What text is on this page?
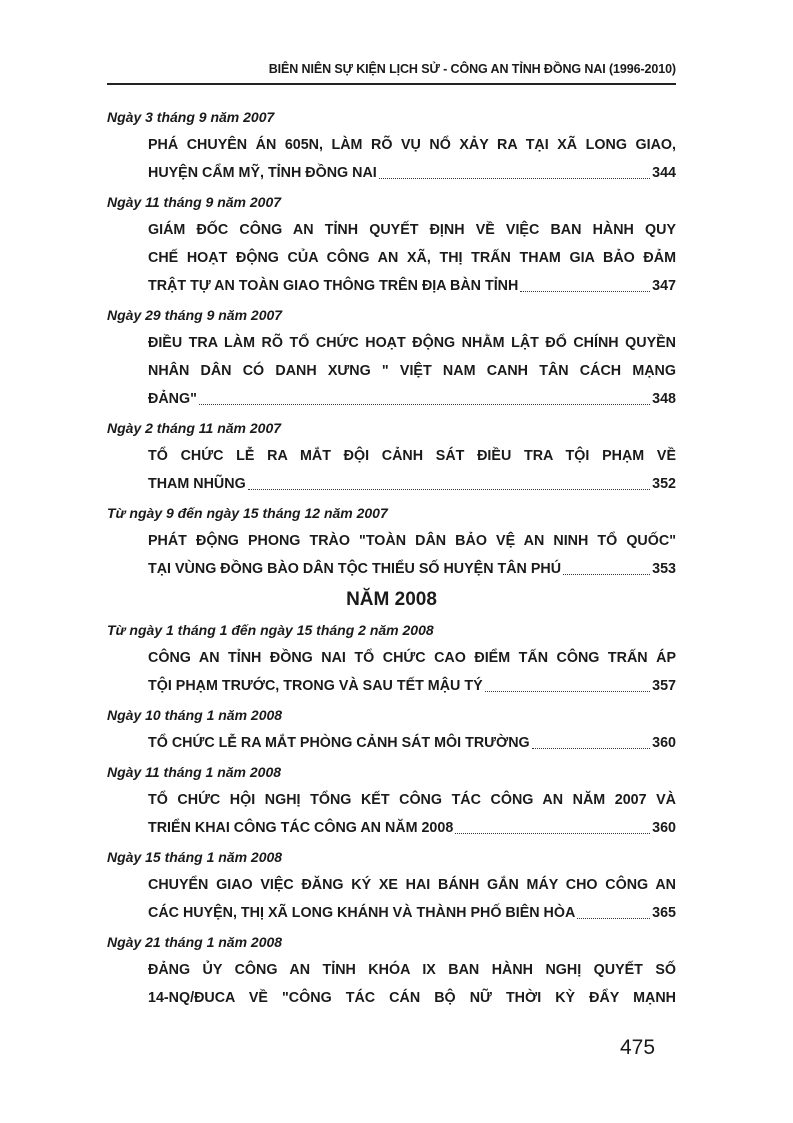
BIÊN NIÊN SỰ KIỆN LỊCH SỬ - CÔNG AN TỈNH ĐỒNG NAI (1996-2010)
Ngày 3 tháng 9 năm 2007
PHÁ CHUYÊN ÁN 605N, LÀM RÕ VỤ NỔ XẢY RA TẠI XÃ LONG GIAO,
HUYỆN CẨM MỸ, TỈNH ĐỒNG NAI	344
Ngày 11 tháng 9 năm 2007
GIÁM ĐỐC CÔNG AN TỈNH QUYẾT ĐỊNH VỀ VIỆC BAN HÀNH QUY
CHẾ HOẠT ĐỘNG CỦA CÔNG AN XÃ, THỊ TRẤN THAM GIA BẢO ĐẢM
TRẬT TỰ AN TOÀN GIAO THÔNG TRÊN ĐỊA BÀN TỈNH	347
Ngày 29 tháng 9 năm 2007
ĐIỀU TRA LÀM RÕ TỔ CHỨC HOẠT ĐỘNG NHẰM LẬT ĐỔ CHÍNH QUYỀN
NHÂN DÂN CÓ DANH XƯNG " VIỆT NAM CANH TÂN CÁCH MẠNG
ĐẢNG"	348
Ngày 2 tháng 11 năm 2007
TỔ CHỨC LỄ RA MẮT ĐỘI CẢNH SÁT ĐIỀU TRA TỘI PHẠM VỀ
THAM NHŨNG	352
Từ ngày 9 đến ngày 15 tháng 12 năm 2007
PHÁT ĐỘNG PHONG TRÀO "TOÀN DÂN BẢO VỆ AN NINH TỔ QUỐC"
TẠI VÙNG ĐỒNG BÀO DÂN TỘC THIỂU SỐ HUYỆN TÂN PHÚ	353
NĂM 2008
Từ ngày 1 tháng 1 đến ngày 15 tháng 2 năm 2008
CÔNG AN TỈNH ĐỒNG NAI TỔ CHỨC CAO ĐIỂM TẤN CÔNG TRẤN ÁP
TỘI PHẠM TRƯỚC, TRONG VÀ SAU TẾT MẬU TÝ	357
Ngày 10 tháng 1 năm 2008
TỔ CHỨC LỄ RA MẮT PHÒNG CẢNH SÁT MÔI TRƯỜNG	360
Ngày 11 tháng 1 năm 2008
TỔ CHỨC HỘI NGHỊ TỔNG KẾT CÔNG TÁC CÔNG AN NĂM 2007 VÀ
TRIỂN KHAI CÔNG TÁC CÔNG AN NĂM 2008	360
Ngày 15 tháng 1 năm 2008
CHUYỂN GIAO VIỆC ĐĂNG KÝ XE HAI BÁNH GẮN MÁY CHO CÔNG AN
CÁC HUYỆN, THỊ XÃ LONG KHÁNH VÀ THÀNH PHỐ BIÊN HÒA	365
Ngày 21 tháng 1 năm 2008
ĐẢNG ỦY CÔNG AN TỈNH KHÓA IX BAN HÀNH NGHỊ QUYẾT SỐ
14-NQ/ĐUCA VỀ "CÔNG TÁC CÁN BỘ NỮ THỜI KỲ ĐẨY MẠNH
475
